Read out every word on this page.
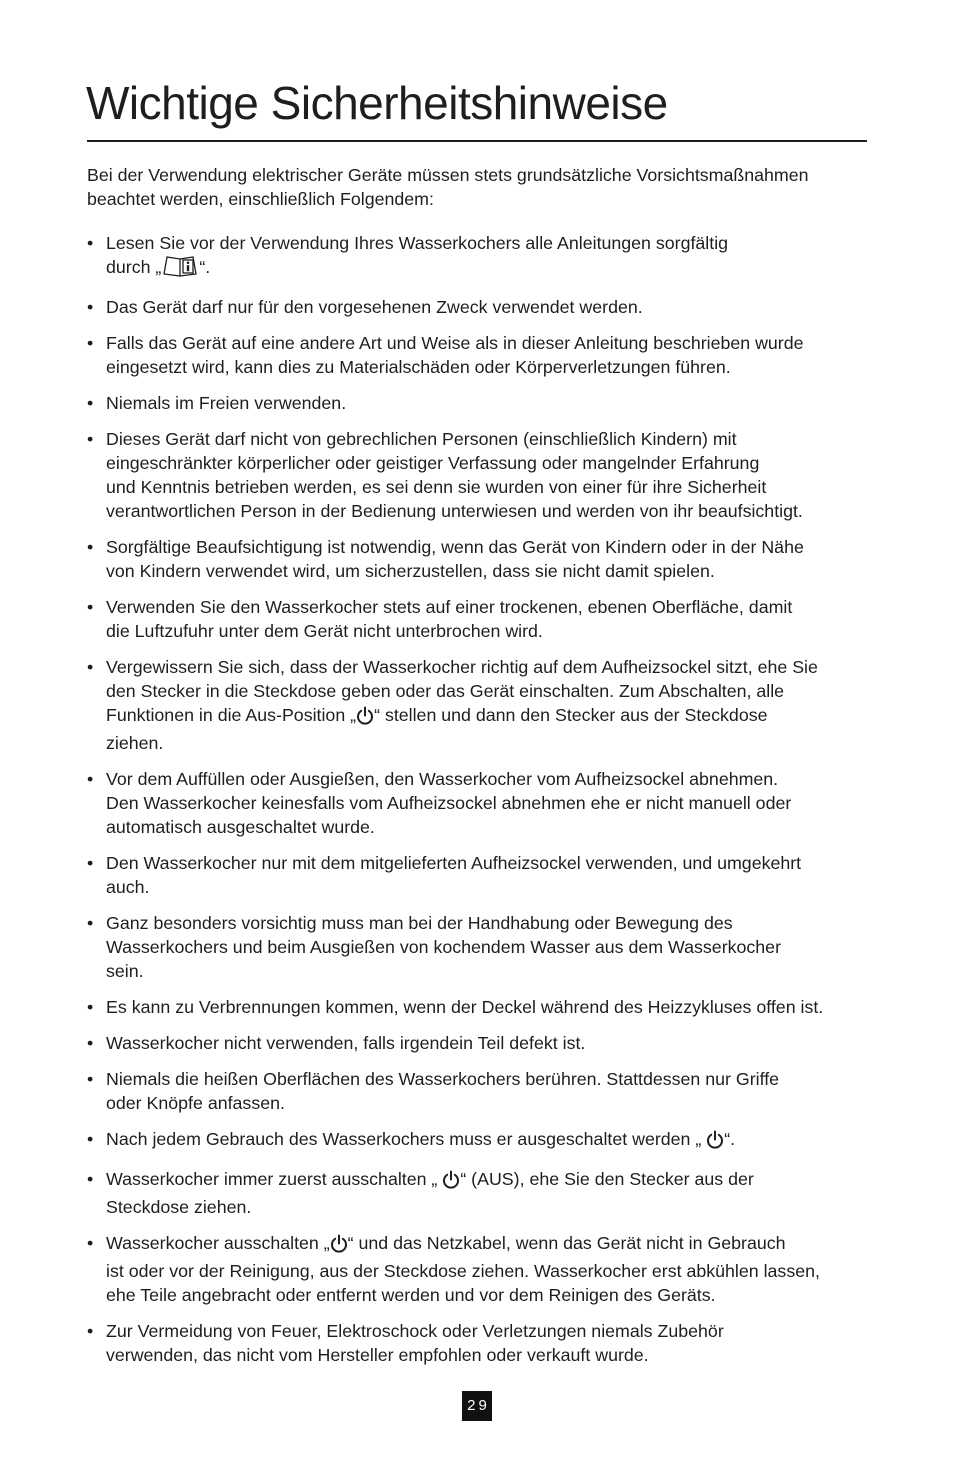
Wichtige Sicherheitshinweise

Bei der Verwendung elektrischer Geräte müssen stets grundsätzliche Vorsichtsmaßnahmen
beachtet werden, einschließlich Folgendem:

• Lesen Sie vor der Verwendung Ihres Wasserkochers alle Anleitungen sorgfältig
durch „ “.
• Das Gerät darf nur für den vorgesehenen Zweck verwendet werden.
• Falls das Gerät auf eine andere Art und Weise als in dieser Anleitung beschrieben wurde
eingesetzt wird, kann dies zu Materialschäden oder Körperverletzungen führen.
• Niemals im Freien verwenden.
• Dieses Gerät darf nicht von gebrechlichen Personen (einschließlich Kindern) mit
eingeschränkter körperlicher oder geistiger Verfassung oder mangelnder Erfahrung
und Kenntnis betrieben werden, es sei denn sie wurden von einer für ihre Sicherheit
verantwortlichen Person in der Bedienung unterwiesen und werden von ihr beaufsichtigt.
• Sorgfältige Beaufsichtigung ist notwendig, wenn das Gerät von Kindern oder in der Nähe
von Kindern verwendet wird, um sicherzustellen, dass sie nicht damit spielen.
• Verwenden Sie den Wasserkocher stets auf einer trockenen, ebenen Oberfläche, damit
die Luftzufuhr unter dem Gerät nicht unterbrochen wird.
• Vergewissern Sie sich, dass der Wasserkocher richtig auf dem Aufheizsockel sitzt, ehe Sie
den Stecker in die Steckdose geben oder das Gerät einschalten. Zum Abschalten, alle
Funktionen in die Aus-Position „ “ stellen und dann den Stecker aus der Steckdose
ziehen.
• Vor dem Auffüllen oder Ausgießen, den Wasserkocher vom Aufheizsockel abnehmen.
Den Wasserkocher keinesfalls vom Aufheizsockel abnehmen ehe er nicht manuell oder
automatisch ausgeschaltet wurde.
• Den Wasserkocher nur mit dem mitgelieferten Aufheizsockel verwenden, und umgekehrt
auch.
• Ganz besonders vorsichtig muss man bei der Handhabung oder Bewegung des
Wasserkochers und beim Ausgießen von kochendem Wasser aus dem Wasserkocher
sein.
• Es kann zu Verbrennungen kommen, wenn der Deckel während des Heizzykluses offen ist.
• Wasserkocher nicht verwenden, falls irgendein Teil defekt ist.
• Niemals die heißen Oberflächen des Wasserkochers berühren. Stattdessen nur Griffe
oder Knöpfe anfassen.
• Nach jedem Gebrauch des Wasserkochers muss er ausgeschaltet werden „ “.
• Wasserkocher immer zuerst ausschalten „ “ (AUS), ehe Sie den Stecker aus der
Steckdose ziehen.
• Wasserkocher ausschalten „ “ und das Netzkabel, wenn das Gerät nicht in Gebrauch
ist oder vor der Reinigung, aus der Steckdose ziehen. Wasserkocher erst abkühlen lassen,
ehe Teile angebracht oder entfernt werden und vor dem Reinigen des Geräts.
• Zur Vermeidung von Feuer, Elektroschock oder Verletzungen niemals Zubehör
verwenden, das nicht vom Hersteller empfohlen oder verkauft wurde.
29
